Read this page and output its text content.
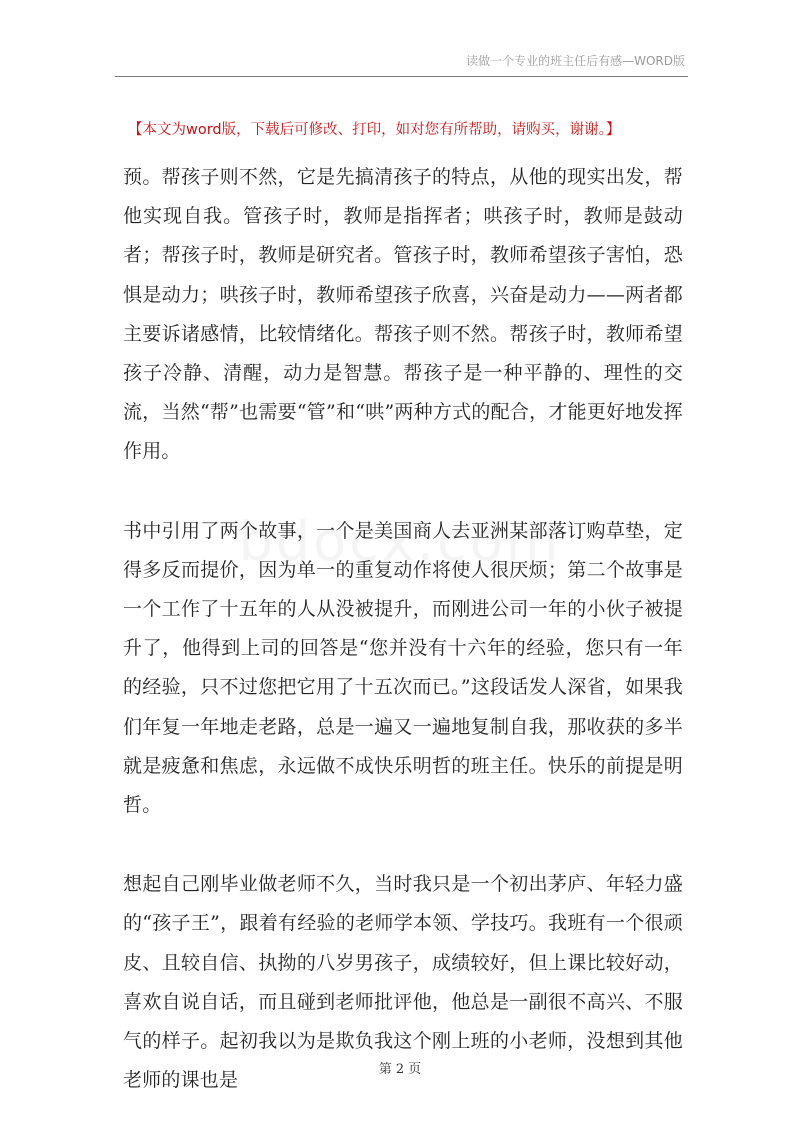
读做一个专业的班主任后有感—WORD版
【本文为word版，下载后可修改、打印，如对您有所帮助，请购买，谢谢。】

预。帮孩子则不然，它是先搞清孩子的特点，从他的现实出发，帮他实现自我。管孩子时，教师是指挥者；哄孩子时，教师是鼓动者；帮孩子时，教师是研究者。管孩子时，教师希望孩子害怕，恐惧是动力；哄孩子时，教师希望孩子欣喜，兴奋是动力——两者都主要诉诸感情，比较情绪化。帮孩子则不然。帮孩子时，教师希望孩子冷静、清醒，动力是智慧。帮孩子是一种平静的、理性的交流，当然“帮”也需要“管”和“哄”两种方式的配合，才能更好地发挥作用。

书中引用了两个故事，一个是美国商人去亚洲某部落订购草垫，定得多反而提价，因为单一的重复动作将使人很厌烦；第二个故事是一个工作了十五年的人从没被提升，而刚进公司一年的小伙子被提升了，他得到上司的回答是“您并没有十六年的经验，您只有一年的经验，只不过您把它用了十五次而已。”这段话发人深省，如果我们年复一年地走老路，总是一遍又一遍地复制自我，那收获的多半就是疲惫和焦虑，永远做不成快乐明哲的班主任。快乐的前提是明哲。

想起自己刚毕业做老师不久，当时我只是一个初出茅庐、年轻力盛的“孩子王”，跟着有经验的老师学本领、学技巧。我班有一个很顽皮、且较自信、执拗的八岁男孩子，成绩较好，但上课比较好动，喜欢自说自话，而且碰到老师批评他，他总是一副很不高兴、不服气的样子。起初我以为是欺负我这个刚上班的小老师，没想到其他老师的课也是	第 2 页
